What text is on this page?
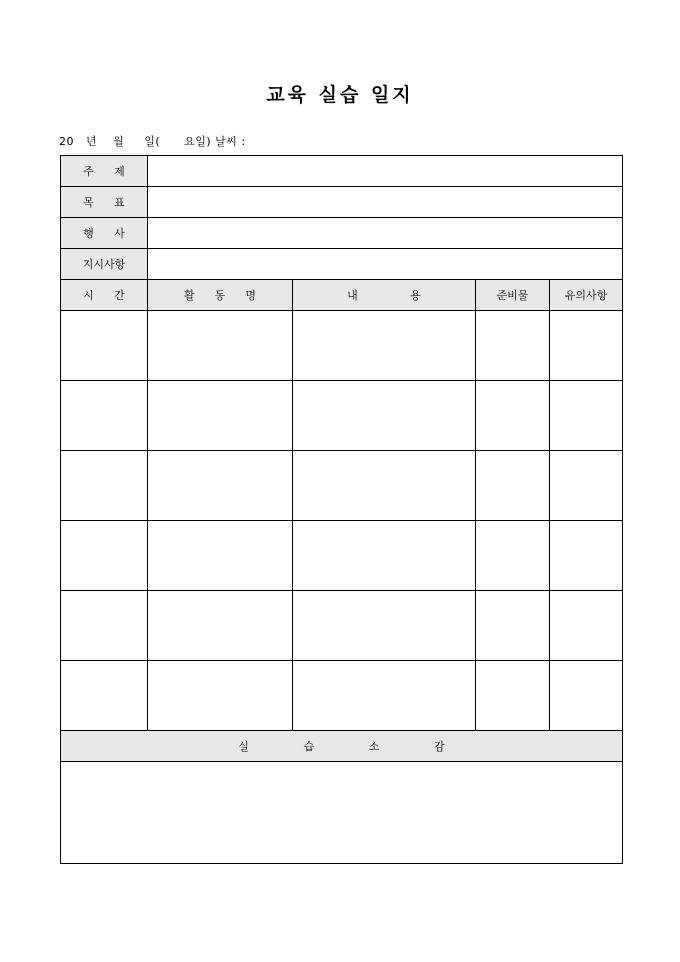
교육 실습 일지
20   년    월     일(      요일) 날씨 :
주 제				

목 표				

행 사				

지시사항				

시 간	활 동 명	내 용	준비물	유의사항

실 습 소 감				
